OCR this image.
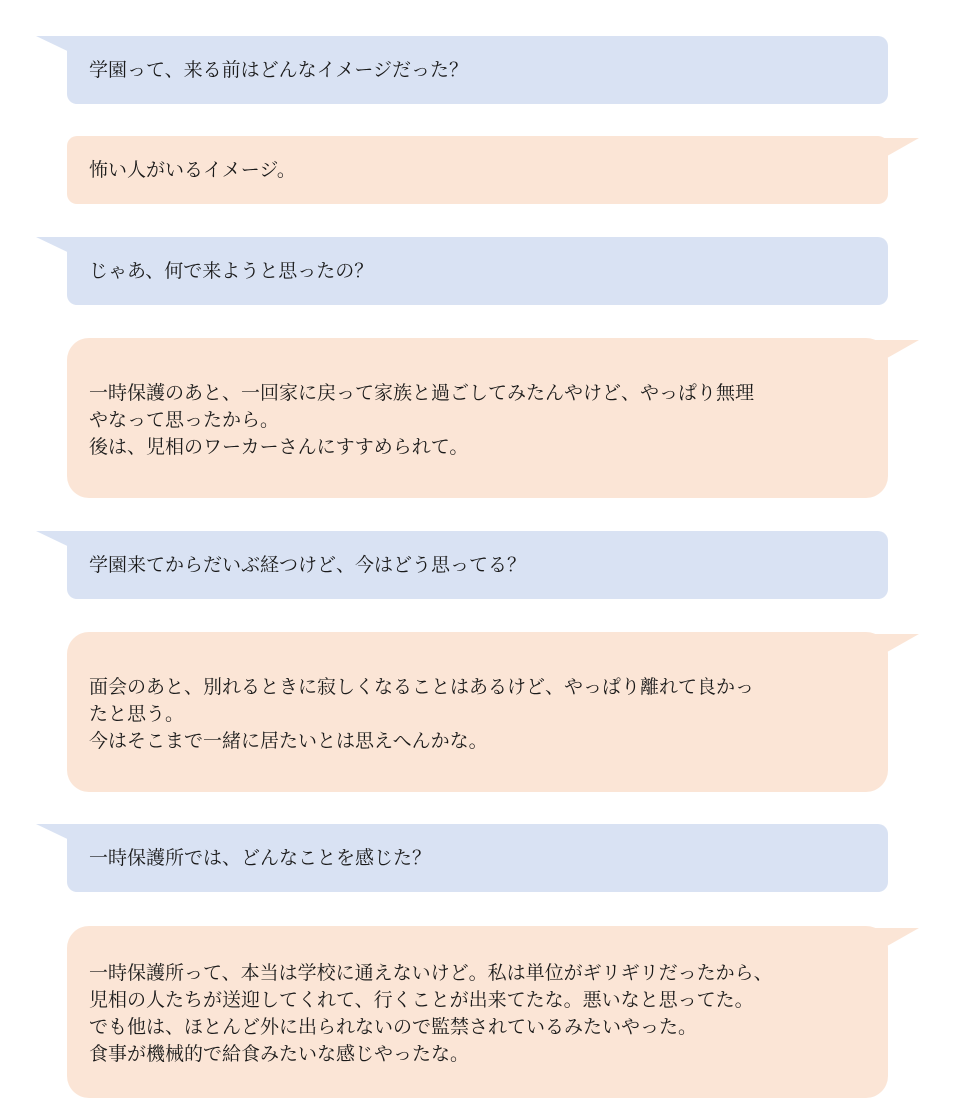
学園って、来る前はどんなイメージだった？
怖い人がいるイメージ。
じゃあ、何で来ようと思ったの？
一時保護のあと、一回家に戻って家族と過ごしてみたんやけど、やっぱり無理
やなって思ったから。
後は、児相のワーカーさんにすすめられて。
学園来てからだいぶ経つけど、今はどう思ってる？
面会のあと、別れるときに寂しくなることはあるけど、やっぱり離れて良かっ
たと思う。
今はそこまで一緒に居たいとは思えへんかな。
一時保護所では、どんなことを感じた？
一時保護所って、本当は学校に通えないけど。私は単位がギリギリだったから、
児相の人たちが送迎してくれて、行くことが出来てたな。悪いなと思ってた。
でも他は、ほとんど外に出られないので監禁されているみたいやった。
食事が機械的で給食みたいな感じやったな。
